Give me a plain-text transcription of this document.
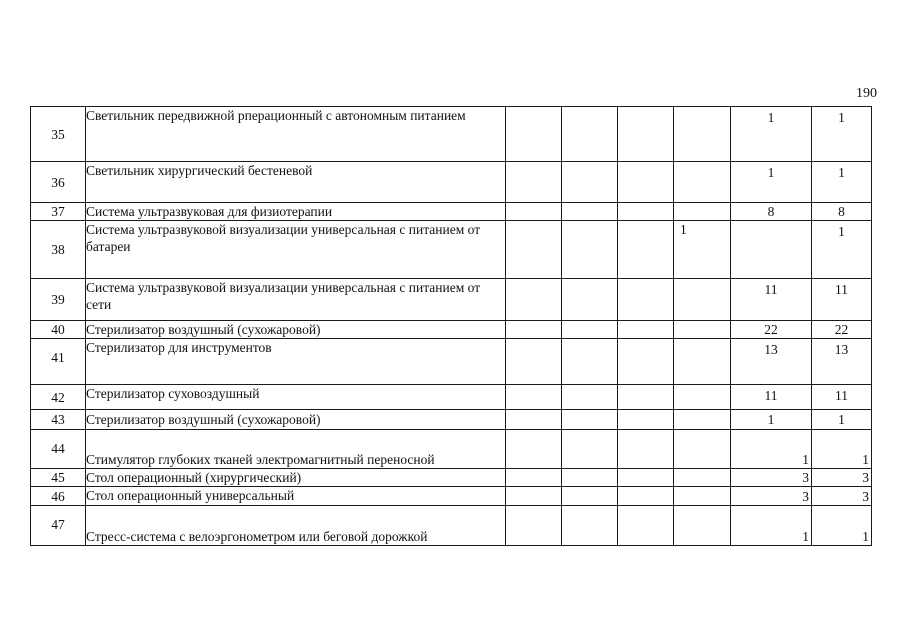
190
35	Светильник передвижной рперационный с автономным питанием					1	1
36	Светильник хирургический бестеневой					1	1
37	Система ультразвуковая для физиотерапии					8	8
38	Система ультразвуковой визуализации универсальная с питанием от батареи				1		1
39	Система ультразвуковой визуализации универсальная с питанием от сети					11	11
40	Стерилизатор воздушный (сухожаровой)					22	22
41	Стерилизатор для инструментов					13	13
42	Стерилизатор суховоздушный					11	11
43	Стерилизатор воздушный (сухожаровой)					1	1
44	Стимулятор глубоких тканей электромагнитный переносной					1	1
45	Стол операционный (хирургический)					3	3
46	Стол операционный универсальный					3	3
47	Стресс-система с велоэргонометром или беговой дорожкой					1	1
